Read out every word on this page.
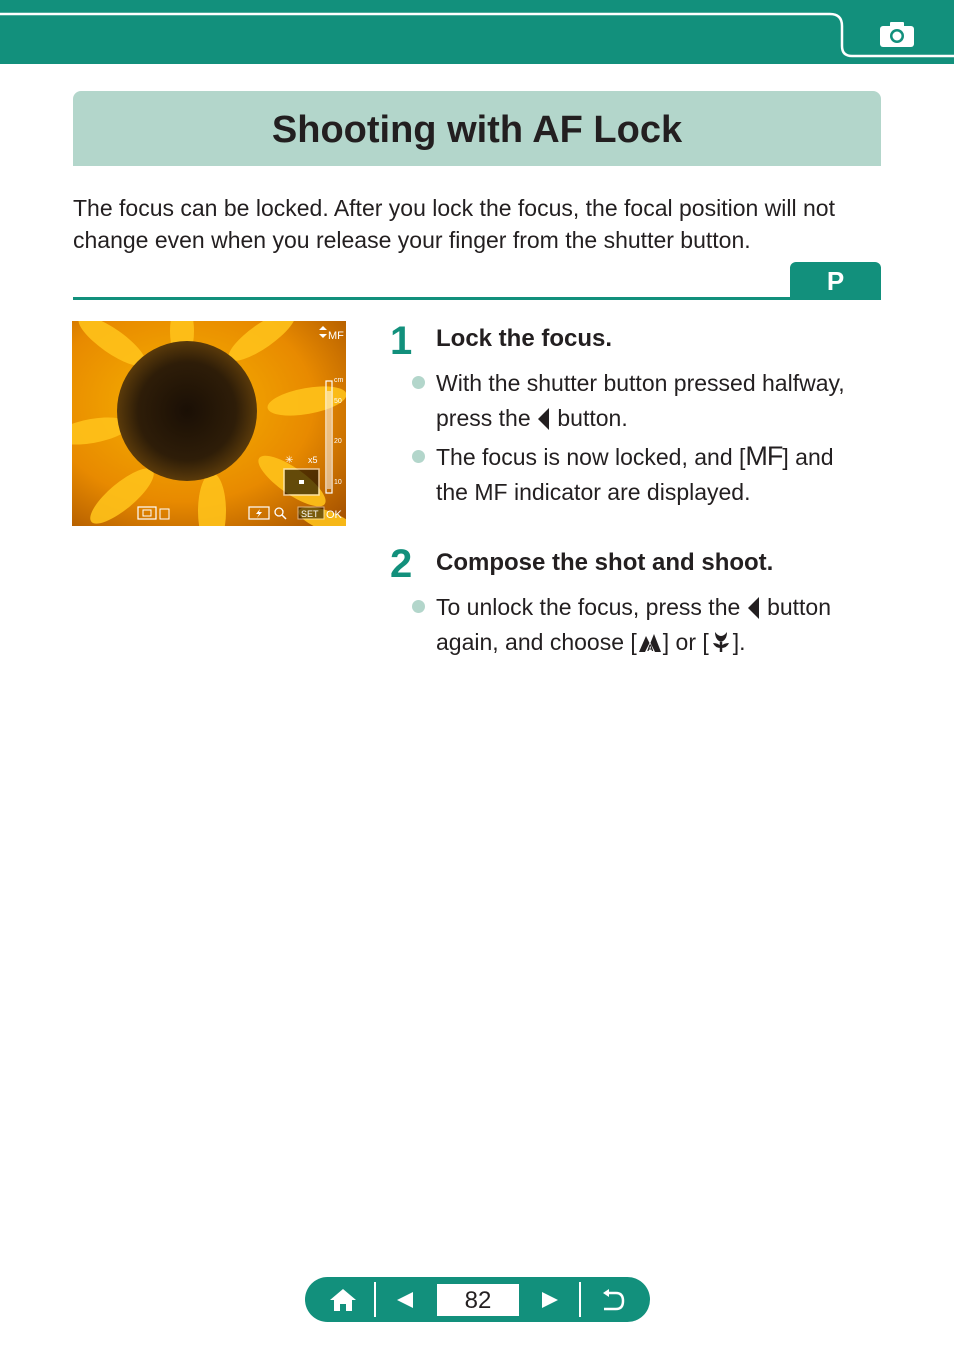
Shooting with AF Lock
The focus can be locked. After you lock the focus, the focal position will not change even when you release your finger from the shutter button.
P
MF
cm
50
20
10
x5
✳
SET OK
1 Lock the focus.
With the shutter button pressed halfway,
press the button.
The focus is now locked, and [MF] and
the MF indicator are displayed.
2 Compose the shot and shoot.
To unlock the focus, press the button
again, and choose [ A ] or [ ].
82
